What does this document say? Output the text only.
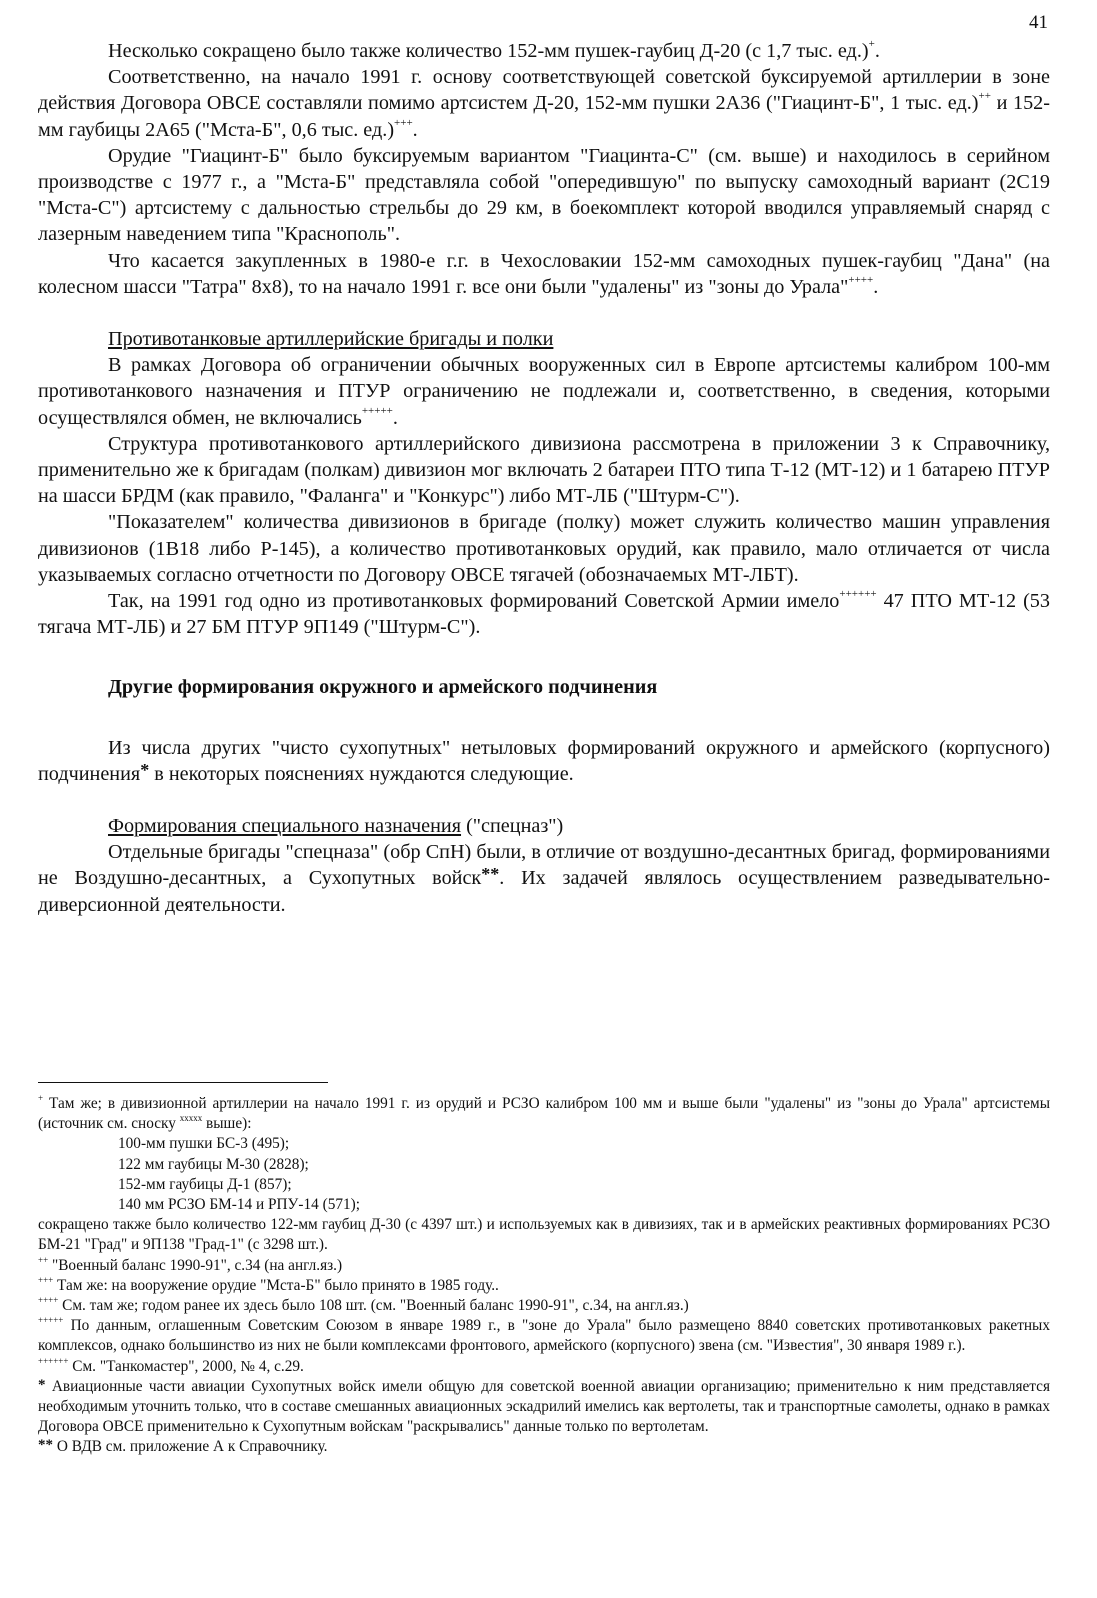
41

Несколько сокращено было также количество 152-мм пушек-гаубиц Д-20 (с 1,7 тыс. ед.)+.

Соответственно, на начало 1991 г. основу соответствующей советской буксируемой артиллерии в зоне действия Договора ОВСЕ составляли помимо артсистем Д-20, 152-мм пушки 2А36 ("Гиацинт-Б", 1 тыс. ед.)++ и 152-мм гаубицы 2А65 ("Мста-Б", 0,6 тыс. ед.)+++.

Орудие "Гиацинт-Б" было буксируемым вариантом "Гиацинта-С" (см. выше) и находилось в серийном производстве с 1977 г., а "Мста-Б" представляла собой "опередившую" по выпуску самоходный вариант (2С19 "Мста-С") артсистему с дальностью стрельбы до 29 км, в боекомплект которой вводился управляемый снаряд с лазерным наведением типа "Краснополь".

Что касается закупленных в 1980-е г.г. в Чехословакии 152-мм самоходных пушек-гаубиц "Дана" (на колесном шасси "Татра" 8х8), то на начало 1991 г. все они были "удалены" из "зоны до Урала"++++.

Противотанковые артиллерийские бригады и полки

В рамках Договора об ограничении обычных вооруженных сил в Европе артсистемы калибром 100-мм противотанкового назначения и ПТУР ограничению не подлежали и, соответственно, в сведения, которыми осуществлялся обмен, не включались+++++.

Структура противотанкового артиллерийского дивизиона рассмотрена в приложении 3 к Справочнику, применительно же к бригадам (полкам) дивизион мог включать 2 батареи ПТО типа Т-12 (МТ-12) и 1 батарею ПТУР на шасси БРДМ (как правило, "Фаланга" и "Конкурс") либо МТ-ЛБ ("Штурм-С").

"Показателем" количества дивизионов в бригаде (полку) может служить количество машин управления дивизионов (1В18 либо Р-145), а количество противотанковых орудий, как правило, мало отличается от числа указываемых согласно отчетности по Договору ОВСЕ тягачей (обозначаемых МТ-ЛБТ).

Так, на 1991 год одно из противотанковых формирований Советской Армии имело++++++ 47 ПТО МТ-12 (53 тягача МТ-ЛБ) и 27 БМ ПТУР 9П149 ("Штурм-С").

Другие формирования окружного и армейского подчинения

Из числа других "чисто сухопутных" нетыловых формирований окружного и армейского (корпусного) подчинения* в некоторых пояснениях нуждаются следующие.

Формирования специального назначения ("спецназ")

Отдельные бригады "спецназа" (обр СпН) были, в отличие от воздушно-десантных бригад, формированиями не Воздушно-десантных, а Сухопутных войск**. Их задачей являлось осуществлением разведывательно-диверсионной деятельности.

+ Там же; в дивизионной артиллерии на начало 1991 г. из орудий и РСЗО калибром 100 мм и выше были "удалены" из "зоны до Урала" артсистемы (источник см. сноску $^{ххххх}$ выше):

100-мм пушки БС-3 (495);

122 мм гаубицы М-30 (2828);

152-мм гаубицы Д-1 (857);

140 мм РСЗО БМ-14 и РПУ-14 (571);

сокращено также было количество 122-мм гаубиц Д-30 (с 4397 шт.) и используемых как в дивизиях, так и в армейских реактивных формированиях РСЗО БМ-21 "Град" и 9П138 "Град-1" (с 3298 шт.).

++ "Военный баланс 1990-91", с.34 (на англ.яз.)

+++ Там же: на вооружение орудие "Мста-Б" было принято в 1985 году..

++++ См. там же; годом ранее их здесь было 108 шт. (см. "Военный баланс 1990-91", с.34, на англ.яз.)

+++++ По данным, оглашенным Советским Союзом в январе 1989 г., в "зоне до Урала" было размещено 8840 советских противотанковых ракетных комплексов, однако большинство из них не были комплексами фронтового, армейского (корпусного) звена (см. "Известия", 30 января 1989 г.).

++++++ См. "Танкомастер", 2000, № 4, с.29.

* Авиационные части авиации Сухопутных войск имели общую для советской военной авиации организацию; применительно к ним представляется необходимым уточнить только, что в составе смешанных авиационных эскадрилий имелись как вертолеты, так и транспортные самолеты, однако в рамках Договора ОВСЕ применительно к Сухопутным войскам "раскрывались" данные только по вертолетам.

** О ВДВ см. приложение А к Справочнику.
